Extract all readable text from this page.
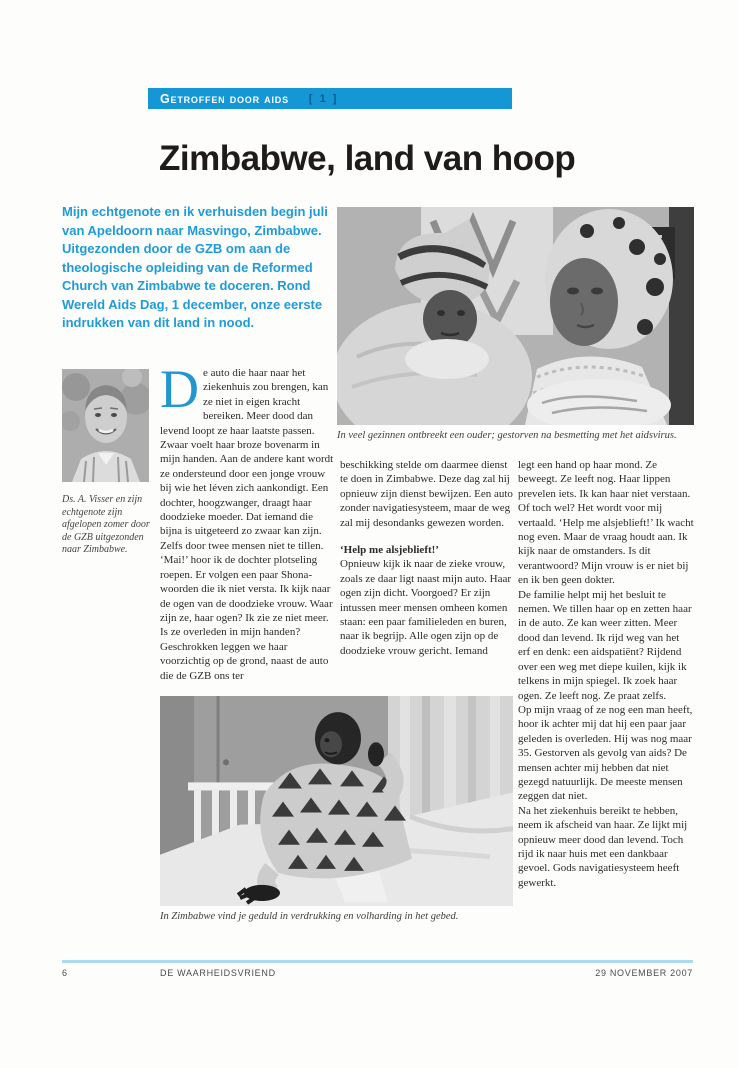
Getroffen door aids [ 1 ]
Zimbabwe, land van hoop
Mijn echtgenote en ik verhuisden begin juli van Apeldoorn naar Masvingo, Zimbabwe. Uitgezonden door de GZB om aan de theologische opleiding van de Reformed Church van Zimbabwe te doceren. Rond Wereld Aids Dag, 1 december, onze eerste indrukken van dit land in nood.
In veel gezinnen ontbreekt een ouder; gestorven na besmetting met het aidsvirus.
Ds. A. Visser en zijn echtgenote zijn afgelopen zomer door de GZB uitgezonden naar Zimbabwe.

De auto die haar naar het ziekenhuis zou brengen, kan ze niet in eigen kracht bereiken. Meer dood dan levend loopt ze haar laatste passen. Zwaar voelt haar broze bovenarm in mijn handen. Aan de andere kant wordt ze ondersteund door een jonge vrouw bij wie het léven zich aankondigt. Een dochter, hoogzwanger, draagt haar doodzieke moeder. Dat iemand die bijna is uitgeteerd zo zwaar kan zijn. Zelfs door twee mensen niet te tillen. ‘Mai!’ hoor ik de dochter plotseling roepen. Er volgen een paar Shona-woorden die ik niet versta. Ik kijk naar de ogen van de doodzieke vrouw. Waar zijn ze, haar ogen? Ik zie ze niet meer. Is ze overleden in mijn handen? Geschrokken leggen we haar voorzichtig op de grond, naast de auto die de GZB ons ter

beschikking stelde om daarmee dienst te doen in Zimbabwe. Deze dag zal hij opnieuw zijn dienst bewijzen. Een auto zonder navigatiesysteem, maar de weg zal mij desondanks gewezen worden.

‘Help me alsjeblieft!’

Opnieuw kijk ik naar de zieke vrouw, zoals ze daar ligt naast mijn auto. Haar ogen zijn dicht. Voorgoed? Er zijn intussen meer mensen omheen komen staan: een paar familieleden en buren, naar ik begrijp. Alle ogen zijn op de doodzieke vrouw gericht. Iemand

legt een hand op haar mond. Ze beweegt. Ze leeft nog. Haar lippen prevelen iets. Ik kan haar niet verstaan. Of toch wel? Het wordt voor mij vertaald. ‘Help me alsjeblieft!’ Ik wacht nog even. Maar de vraag houdt aan. Ik kijk naar de omstanders. Is dit verantwoord? Mijn vrouw is er niet bij en ik ben geen dokter.

De familie helpt mij het besluit te nemen. We tillen haar op en zetten haar in de auto. Ze kan weer zitten. Meer dood dan levend. Ik rijd weg van het erf en denk: een aidspatiënt? Rijdend over een weg met diepe kuilen, kijk ik telkens in mijn spiegel. Ik zoek haar ogen. Ze leeft nog. Ze praat zelfs.

Op mijn vraag of ze nog een man heeft, hoor ik achter mij dat hij een paar jaar geleden is overleden. Hij was nog maar 35. Gestorven als gevolg van aids? De mensen achter mij hebben dat niet gezegd natuurlijk. De meeste mensen zeggen dat niet.

Na het ziekenhuis bereikt te hebben, neem ik afscheid van haar. Ze lijkt mij opnieuw meer dood dan levend. Toch rijd ik naar huis met een dankbaar gevoel. Gods navigatiesysteem heeft gewerkt.

In Zimbabwe vind je geduld in verdrukking en volharding in het gebed.
6	DE WAARHEIDSVRIEND	29 NOVEMBER 2007
